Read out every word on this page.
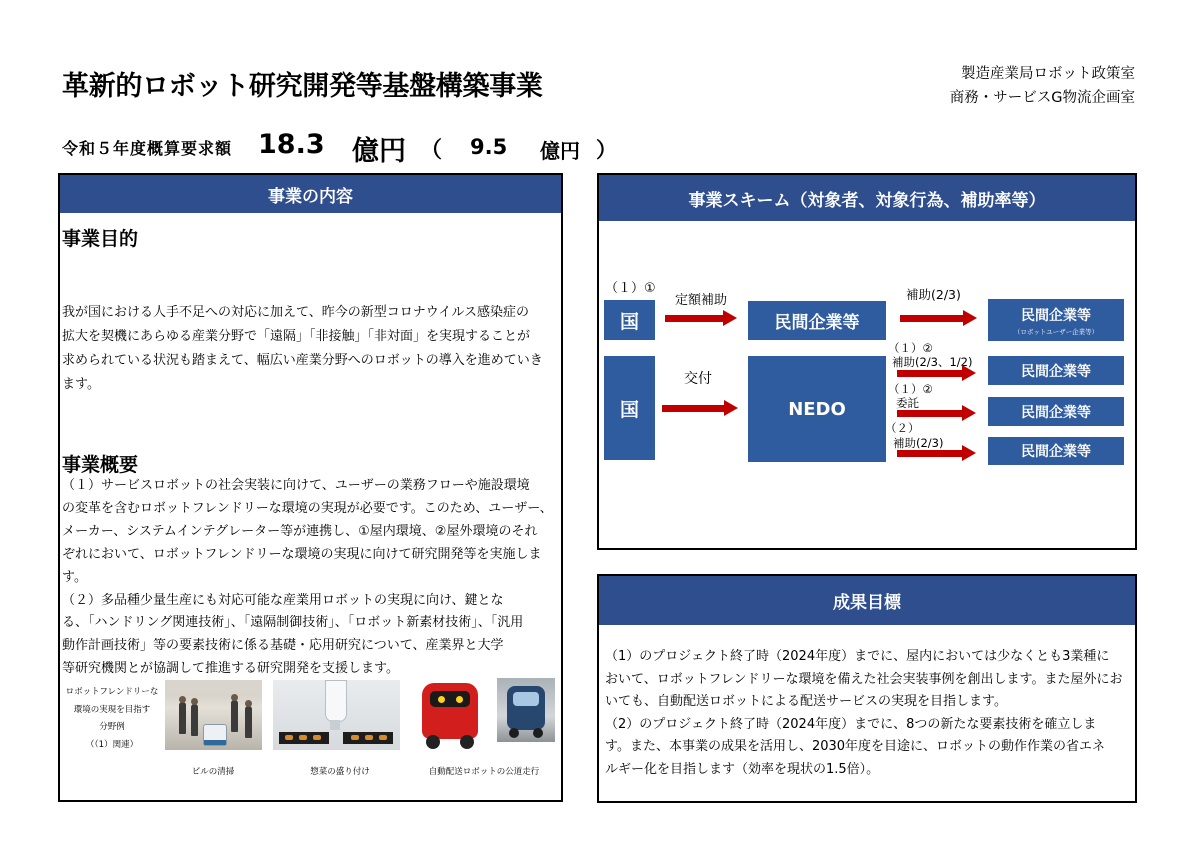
革新的ロボット研究開発等基盤構築事業	製造産業局ロボット政策室
商務・サービスG物流企画室
令和５年度概算要求額 18.3 億円 （ 9.5 億円 ）
事業の内容
事業目的
我が国における人手不足への対応に加えて、昨今の新型コロナウイルス感染症の
拡大を契機にあらゆる産業分野で「遠隔」「非接触」「非対面」を実現することが
求められている状況も踏まえて、幅広い産業分野へのロボットの導入を進めていき
ます。
事業概要
（１）サービスロボットの社会実装に向けて、ユーザーの業務フローや施設環境
の変革を含むロボットフレンドリーな環境の実現が必要です。このため、ユーザー、
メーカー、システムインテグレーター等が連携し、①屋内環境、②屋外環境のそれ
ぞれにおいて、ロボットフレンドリーな環境の実現に向けて研究開発等を実施しま
す。
（２）多品種少量生産にも対応可能な産業用ロボットの実現に向け、鍵とな
る、「ハンドリング関連技術」、「遠隔制御技術」、「ロボット新素材技術」、「汎用
動作計画技術」等の要素技術に係る基礎・応用研究について、産業界と大学
等研究機関とが協調して推進する研究開発を支援します。
ロボットフレンドリーな
環境の実現を目指す
分野例
（（1）関連）
ビルの清掃	惣菜の盛り付け	自動配送ロボットの公道走行
事業スキーム（対象者、対象行為、補助率等）
（１）①
国
定額補助
民間企業等
補助(2/3)
民間企業等
（ロボットユーザー企業等）
国
交付
NEDO
（１）②
補助(2/3、1/2)
民間企業等
（１）②
委託
民間企業等
（２）
補助(2/3)
民間企業等
成果目標
（1）のプロジェクト終了時（2024年度）までに、屋内においては少なくとも3業種に
おいて、ロボットフレンドリーな環境を備えた社会実装事例を創出します。また屋外にお
いても、自動配送ロボットによる配送サービスの実現を目指します。
（2）のプロジェクト終了時（2024年度）までに、8つの新たな要素技術を確立しま
す。また、本事業の成果を活用し、2030年度を目途に、ロボットの動作作業の省エネ
ルギー化を目指します（効率を現状の1.5倍）。
